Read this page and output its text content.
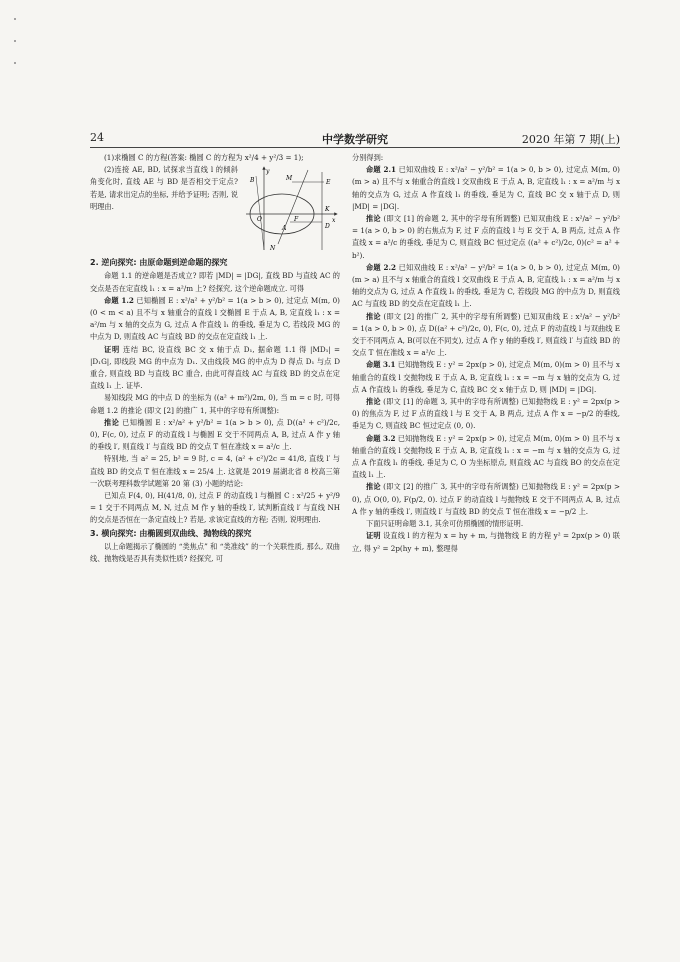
24	中学数学研究	2020 年第 7 期(上)

(1)求椭圆 C 的方程(答案: 椭圆 C 的方程为 x²/4 + y²/3 = 1);

y
M
E
K
x
O	F
A	D
B
N

(2)连接 AE, BD, 试探求当直线 l 的倾斜角变化时, 直线 AE 与 BD 是否相交于定点? 若是, 请求出定点的坐标, 并给予证明; 否则, 说明理由.

2. 逆向探究: 由原命题到逆命题的探究

命题 1.1 的逆命题是否成立? 即若 |MD| = |DG|, 直线 BD 与直线 AC 的交点是否在定直线 l₁ : x = a²/m 上? 经探究, 这个逆命题成立. 可得

命题 1.2 已知椭圆 E : x²/a² + y²/b² = 1(a > b > 0), 过定点 M(m, 0)(0 < m < a) 且不与 x 轴重合的直线 l 交椭圆 E 于点 A, B, 定直线 l₁ : x = a²/m 与 x 轴的交点为 G, 过点 A 作直线 l₁ 的垂线, 垂足为 C, 若线段 MG 的中点为 D, 则直线 AC 与直线 BD 的交点在定直线 l₁ 上.

证明 连结 BC, 设直线 BC 交 x 轴于点 D₁, 据命题 1.1 得 |MD₁| = |D₁G|, 即线段 MG 的中点为 D₁. 又由线段 MG 的中点为 D 得点 D₁ 与点 D 重合, 则直线 BD 与直线 BC 重合, 由此可得直线 AC 与直线 BD 的交点在定直线 l₁ 上. 证毕.

易知线段 MG 的中点 D 的坐标为 ((a² + m²)/2m, 0), 当 m = c 时, 可得命题 1.2 的推论 (即文 [2] 的推广 1, 其中的字母有所调整):

推论 已知椭圆 E : x²/a² + y²/b² = 1(a > b > 0), 点 D((a² + c²)/2c, 0), F(c, 0), 过点 F 的动直线 l 与椭圆 E 交于不同两点 A, B, 过点 A 作 y 轴的垂线 l′, 则直线 l′ 与直线 BD 的交点 T 恒在准线 x = a²/c 上.

特别地, 当 a² = 25, b² = 9 时, c = 4, (a² + c²)/2c = 41/8, 直线 l′ 与直线 BD 的交点 T 恒在准线 x = 25/4 上. 这就是 2019 届湖北省 8 校高三第一次联考理科数学试题第 20 第 (3) 小题的结论:

已知点 F(4, 0), H(41/8, 0), 过点 F 的动直线 l 与椭圆 C : x²/25 + y²/9 = 1 交于不同两点 M, N, 过点 M 作 y 轴的垂线 l′, 试判断直线 l′ 与直线 NH 的交点是否恒在一条定直线上? 若是, 求该定直线的方程; 否则, 说明理由.

3. 横向探究: 由椭圆到双曲线、抛物线的探究

以上命题揭示了椭圆的 “类焦点” 和 “类准线” 的一个关联性质, 那么, 双曲线、抛物线是否具有类似性质? 经探究, 可

分别得到:

命题 2.1 已知双曲线 E : x²/a² − y²/b² = 1(a > 0, b > 0), 过定点 M(m, 0)(m > a) 且不与 x 轴重合的直线 l 交双曲线 E 于点 A, B, 定直线 l₁ : x = a²/m 与 x 轴的交点为 G, 过点 A 作直线 l₁ 的垂线, 垂足为 C, 直线 BC 交 x 轴于点 D, 则 |MD| = |DG|.

推论 (即文 [1] 的命题 2, 其中的字母有所调整) 已知双曲线 E : x²/a² − y²/b² = 1(a > 0, b > 0) 的右焦点为 F, 过 F 点的直线 l 与 E 交于 A, B 两点, 过点 A 作直线 x = a²/c 的垂线, 垂足为 C, 则直线 BC 恒过定点 ((a² + c²)/2c, 0)(c² = a² + b²).

命题 2.2 已知双曲线 E : x²/a² − y²/b² = 1(a > 0, b > 0), 过定点 M(m, 0)(m > a) 且不与 x 轴重合的直线 l 交双曲线 E 于点 A, B, 定直线 l₁ : x = a²/m 与 x 轴的交点为 G, 过点 A 作直线 l₁ 的垂线, 垂足为 C, 若线段 MG 的中点为 D, 则直线 AC 与直线 BD 的交点在定直线 l₁ 上.

推论 (即文 [2] 的推广 2, 其中的字母有所调整) 已知双曲线 E : x²/a² − y²/b² = 1(a > 0, b > 0), 点 D((a² + c²)/2c, 0), F(c, 0), 过点 F 的动直线 l 与双曲线 E 交于不同两点 A, B(可以在不同支), 过点 A 作 y 轴的垂线 l′, 则直线 l′ 与直线 BD 的交点 T 恒在准线 x = a²/c 上.

命题 3.1 已知抛物线 E : y² = 2px(p > 0), 过定点 M(m, 0)(m > 0) 且不与 x 轴重合的直线 l 交抛物线 E 于点 A, B, 定直线 l₁ : x = −m 与 x 轴的交点为 G, 过点 A 作直线 l₁ 的垂线, 垂足为 C, 直线 BC 交 x 轴于点 D, 则 |MD| = |DG|.

推论 (即文 [1] 的命题 3, 其中的字母有所调整) 已知抛物线 E : y² = 2px(p > 0) 的焦点为 F, 过 F 点的直线 l 与 E 交于 A, B 两点, 过点 A 作 x = −p/2 的垂线, 垂足为 C, 则直线 BC 恒过定点 (0, 0).

命题 3.2 已知抛物线 E : y² = 2px(p > 0), 过定点 M(m, 0)(m > 0) 且不与 x 轴重合的直线 l 交抛物线 E 于点 A, B, 定直线 l₁ : x = −m 与 x 轴的交点为 G, 过点 A 作直线 l₁ 的垂线, 垂足为 C, O 为坐标原点, 则直线 AC 与直线 BO 的交点在定直线 l₁ 上.

推论 (即文 [2] 的推广 3, 其中的字母有所调整) 已知抛物线 E : y² = 2px(p > 0), 点 O(0, 0), F(p/2, 0). 过点 F 的动直线 l 与抛物线 E 交于不同两点 A, B, 过点 A 作 y 轴的垂线 l′, 则直线 l′ 与直线 BD 的交点 T 恒在准线 x = −p/2 上.

下面只证明命题 3.1, 其余可仿照椭圆的情形证明.

证明 设直线 l 的方程为 x = hy + m, 与抛物线 E 的方程 y² = 2px(p > 0) 联立, 得 y² = 2p(hy + m), 整理得
